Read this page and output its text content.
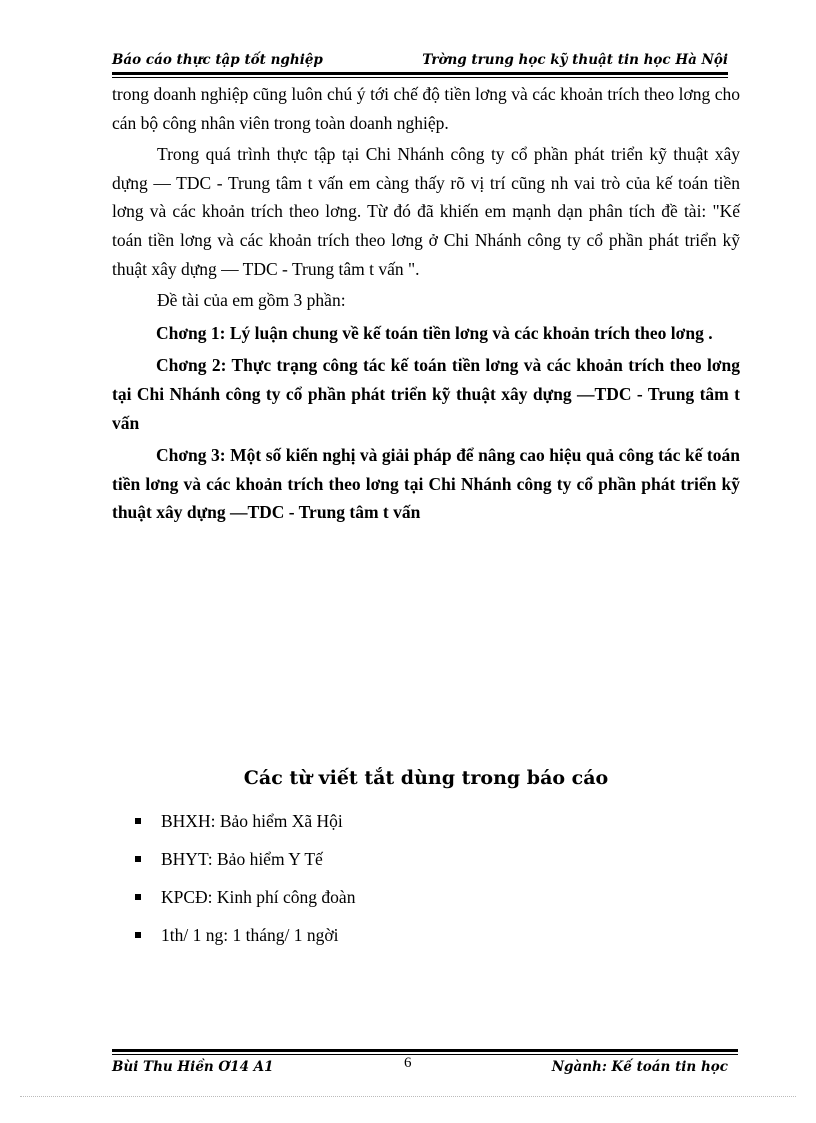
Báo cáo thực tập tốt nghiệp	Trờng trung học kỹ thuật tin học Hà Nội

trong doanh nghiệp cũng luôn chú ý tới chế độ tiền lơng và các khoản trích theo lơng cho cán bộ công nhân viên trong toàn doanh nghiệp.

Trong quá trình thực tập tại Chi Nhánh công ty cổ phần phát triển kỹ thuật xây dựng — TDC - Trung tâm t vấn em càng thấy rõ vị trí cũng nh vai trò của kế toán tiền lơng và các khoản trích theo lơng. Từ đó đã khiến em mạnh dạn phân tích đề tài: "Kế toán tiền lơng và các khoản trích theo lơng ở Chi Nhánh công ty cổ phần phát triển kỹ thuật xây dựng — TDC - Trung tâm t vấn ".

Đề tài của em gồm 3 phần:

Chơng 1: Lý luận chung về kế toán tiền lơng và các khoản trích theo lơng .

Chơng 2: Thực trạng công tác kế toán tiền lơng và các khoản trích theo lơng tại Chi Nhánh công ty cổ phần phát triển kỹ thuật xây dựng —TDC - Trung tâm t vấn

Chơng 3: Một số kiến nghị và giải pháp để nâng cao hiệu quả công tác kế toán tiền lơng và các khoản trích theo lơng tại Chi Nhánh công ty cổ phần phát triển kỹ thuật xây dựng —TDC - Trung tâm t vấn

Các từ viết tắt dùng trong báo cáo
BHXH: Bảo hiểm Xã Hội
BHYT: Bảo hiểm Y Tế
KPCĐ: Kinh phí công đoàn
1th/ 1 ng: 1 tháng/ 1 ngời
Bùi Thu Hiền Ơ14 A1	6	Ngành: Kế toán tin học
